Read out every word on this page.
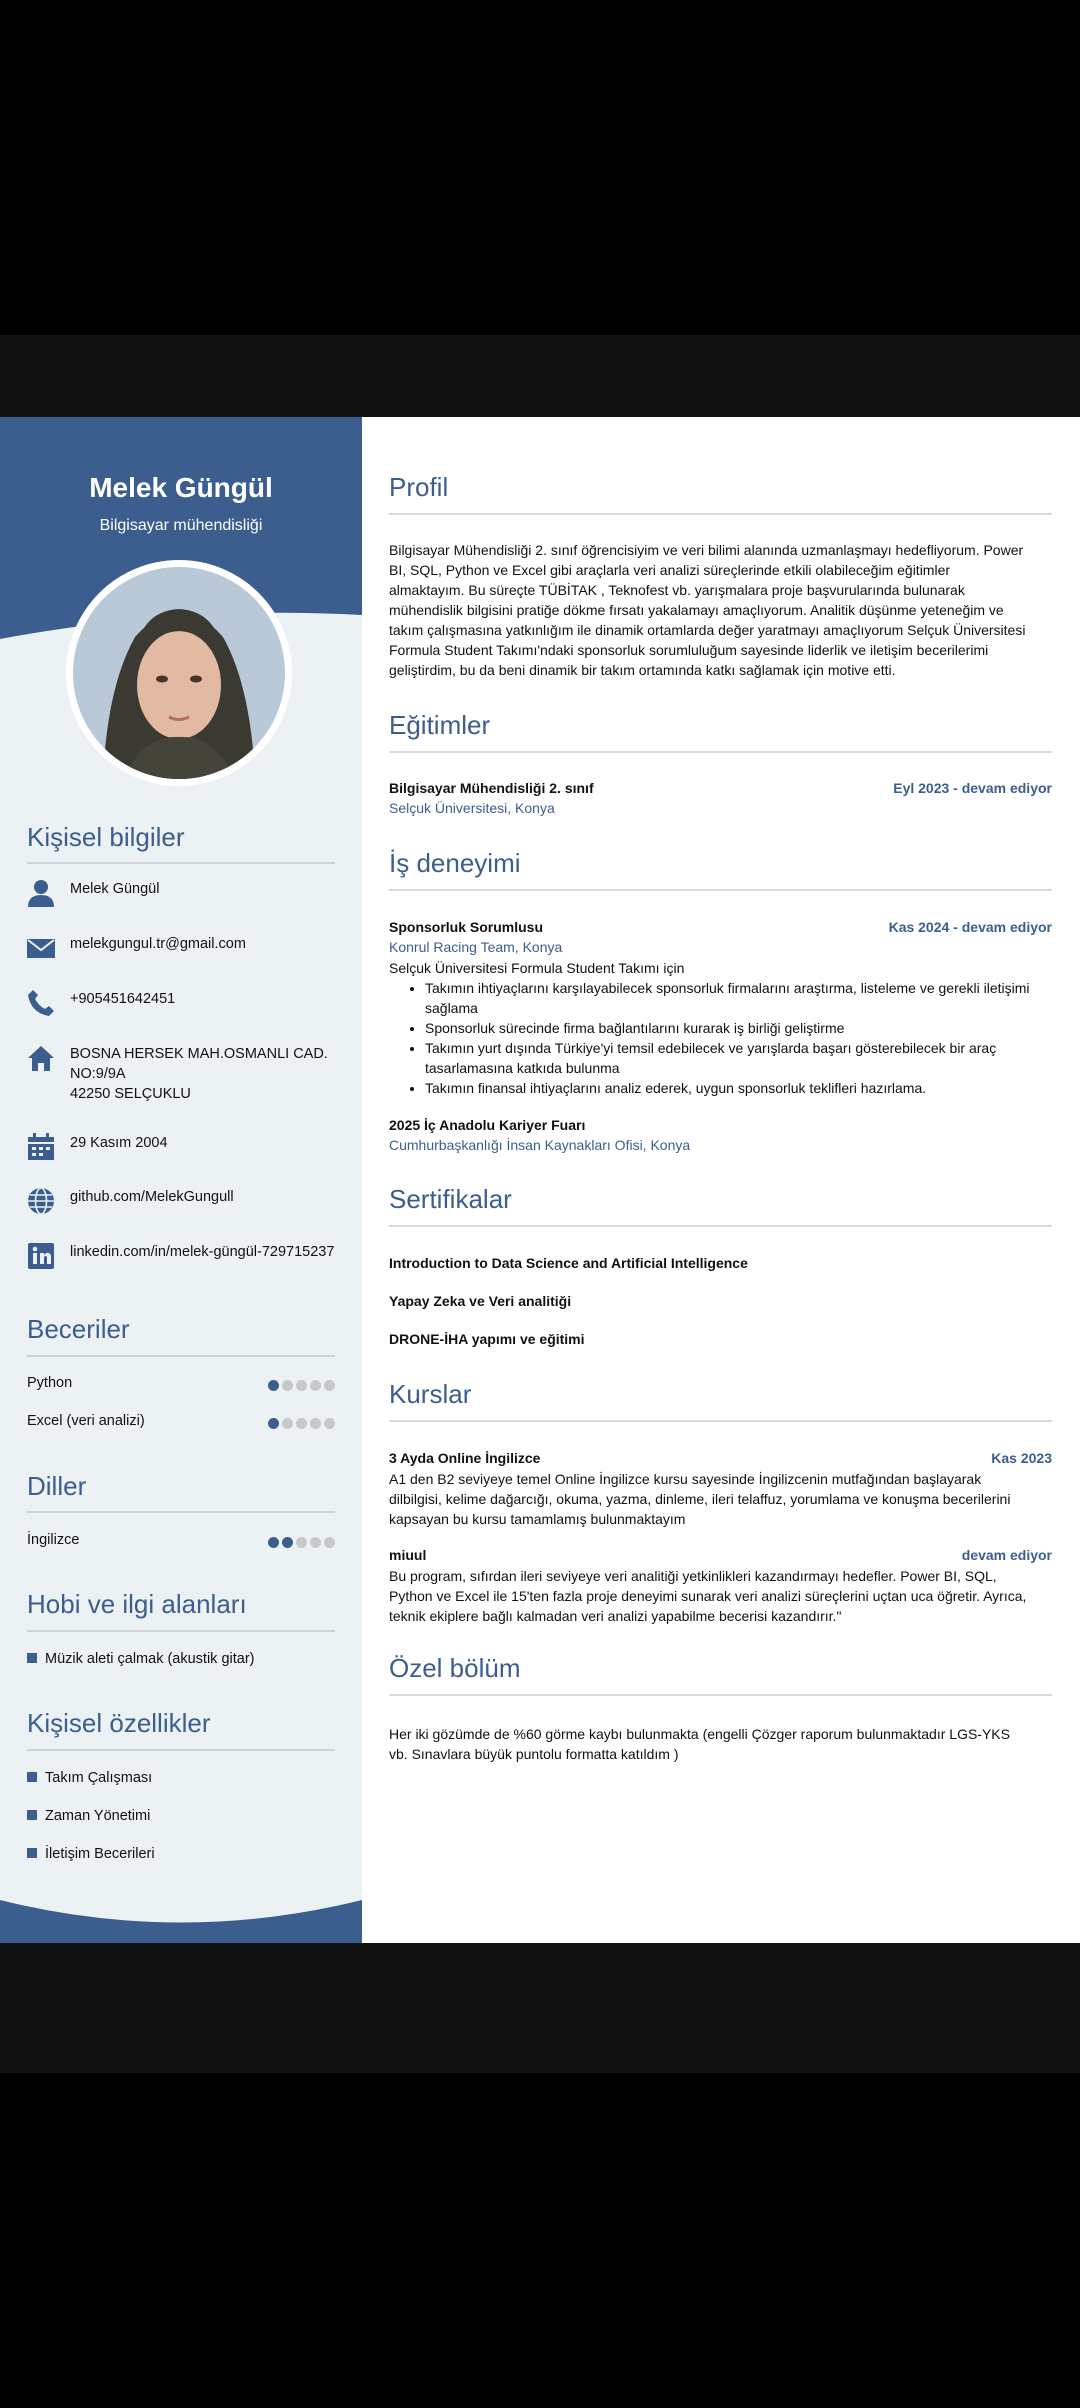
Melek Güngül
Bilgisayar mühendisliği
Kişisel bilgiler
Melek Güngül
melekgungul.tr@gmail.com
+905451642451
BOSNA HERSEK MAH.OSMANLI CAD.
NO:9/9A
42250 SELÇUKLU
29 Kasım 2004
github.com/MelekGungull
linkedin.com/in/melek-güngül-729715237
Beceriler
Python
Excel (veri analizi)
Diller
İngilizce
Hobi ve ilgi alanları
Müzik aleti çalmak (akustik gitar)
Kişisel özellikler
Takım Çalışması
Zaman Yönetimi
İletişim Becerileri
Profil
Bilgisayar Mühendisliği 2. sınıf öğrencisiyim ve veri bilimi alanında uzmanlaşmayı hedefliyorum. Power
BI, SQL, Python ve Excel gibi araçlarla veri analizi süreçlerinde etkili olabileceğim eğitimler
almaktayım. Bu süreçte TÜBİTAK , Teknofest vb. yarışmalara proje başvurularında bulunarak
mühendislik bilgisini pratiğe dökme fırsatı yakalamayı amaçlıyorum. Analitik düşünme yeteneğim ve
takım çalışmasına yatkınlığım ile dinamik ortamlarda değer yaratmayı amaçlıyorum Selçuk Üniversitesi
Formula Student Takımı'ndaki sponsorluk sorumluluğum sayesinde liderlik ve iletişim becerilerimi
geliştirdim, bu da beni dinamik bir takım ortamında katkı sağlamak için motive etti.
Eğitimler
Bilgisayar Mühendisliği 2. sınıf	Eyl 2023 - devam ediyor
Selçuk Üniversitesi, Konya
İş deneyimi
Sponsorluk Sorumlusu	Kas 2024 - devam ediyor
Konrul Racing Team, Konya
Selçuk Üniversitesi Formula Student Takımı için
• Takımın ihtiyaçlarını karşılayabilecek sponsorluk firmalarını araştırma, listeleme ve gerekli iletişimi sağlama
• Sponsorluk sürecinde firma bağlantılarını kurarak iş birliği geliştirme
• Takımın yurt dışında Türkiye'yi temsil edebilecek ve yarışlarda başarı gösterebilecek bir araç tasarlamasına katkıda bulunma
• Takımın finansal ihtiyaçlarını analiz ederek, uygun sponsorluk teklifleri hazırlama.
2025 İç Anadolu Kariyer Fuarı
Cumhurbaşkanlığı İnsan Kaynakları Ofisi, Konya
Sertifikalar
Introduction to Data Science and Artificial Intelligence
Yapay Zeka ve Veri analitiği
DRONE-İHA yapımı ve eğitimi
Kurslar
3 Ayda Online İngilizce	Kas 2023
A1 den B2 seviyeye temel Online İngilizce kursu sayesinde İngilizcenin mutfağından başlayarak
dilbilgisi, kelime dağarcığı, okuma, yazma, dinleme, ileri telaffuz, yorumlama ve konuşma becerilerini
kapsayan bu kursu tamamlamış bulunmaktayım
miuul	devam ediyor
Bu program, sıfırdan ileri seviyeye veri analitiği yetkinlikleri kazandırmayı hedefler. Power BI, SQL,
Python ve Excel ile 15'ten fazla proje deneyimi sunarak veri analizi süreçlerini uçtan uca öğretir. Ayrıca,
teknik ekiplere bağlı kalmadan veri analizi yapabilme becerisi kazandırır."
Özel bölüm
Her iki gözümde de %60 görme kaybı bulunmakta (engelli Çözger raporum bulunmaktadır LGS-YKS
vb. Sınavlara büyük puntolu formatta katıldım )
